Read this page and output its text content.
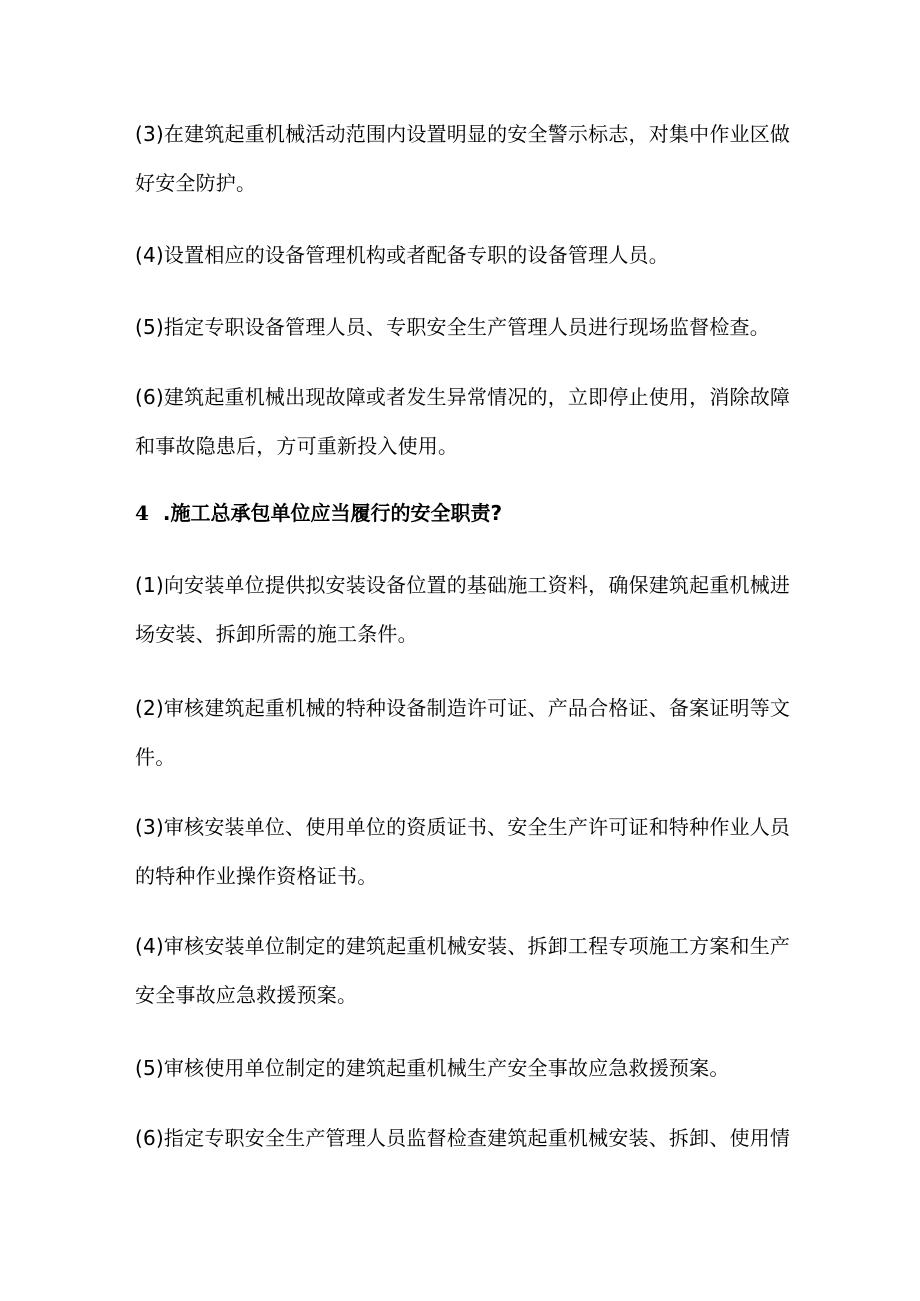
(3)在建筑起重机械活动范围内设置明显的安全警示标志，对集中作业区做好安全防护。

(4)设置相应的设备管理机构或者配备专职的设备管理人员。

(5)指定专职设备管理人员、专职安全生产管理人员进行现场监督检查。

(6)建筑起重机械出现故障或者发生异常情况的，立即停止使用，消除故障和事故隐患后，方可重新投入使用。

4 .施工总承包单位应当履行的安全职责?

(1)向安装单位提供拟安装设备位置的基础施工资料，确保建筑起重机械进场安装、拆卸所需的施工条件。

(2)审核建筑起重机械的特种设备制造许可证、产品合格证、备案证明等文件。

(3)审核安装单位、使用单位的资质证书、安全生产许可证和特种作业人员的特种作业操作资格证书。

(4)审核安装单位制定的建筑起重机械安装、拆卸工程专项施工方案和生产安全事故应急救援预案。

(5)审核使用单位制定的建筑起重机械生产安全事故应急救援预案。

(6)指定专职安全生产管理人员监督检查建筑起重机械安装、拆卸、使用情
